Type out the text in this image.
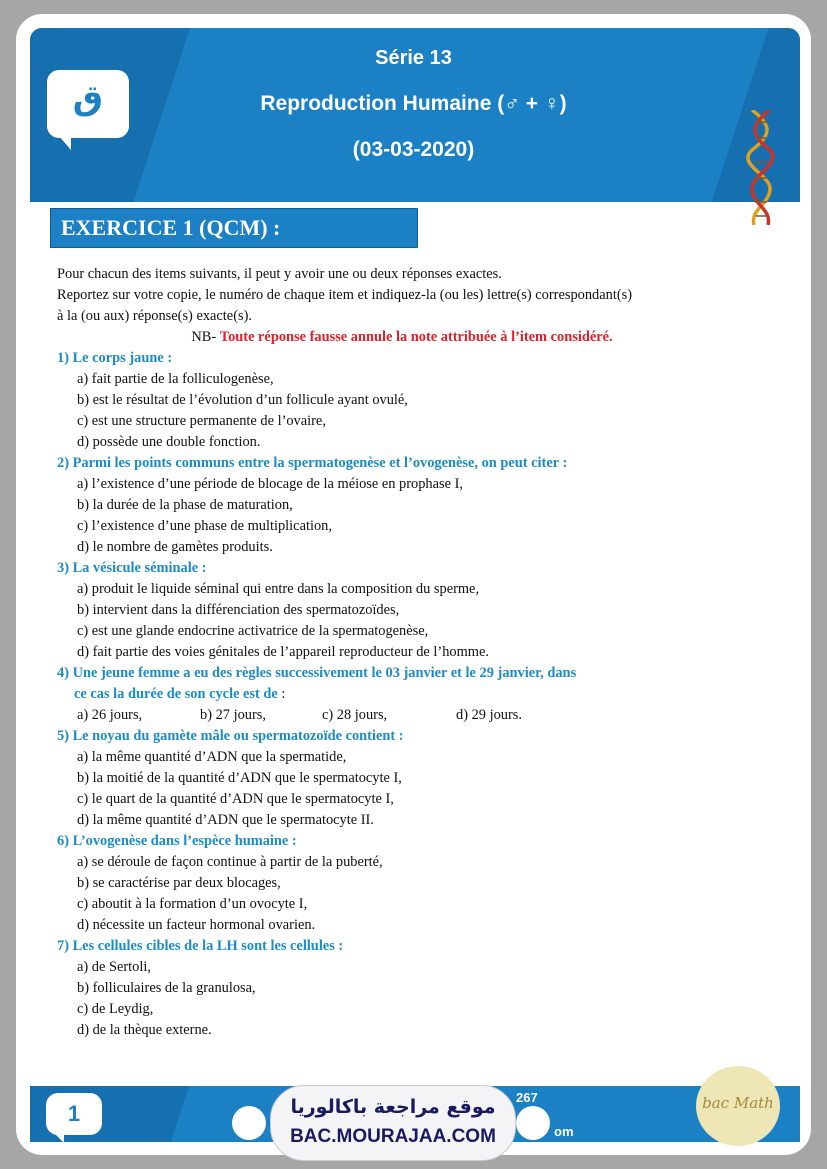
ق
Série 13
Reproduction Humaine (♂ + ♀)
(03-03-2020)
EXERCICE 1 (QCM) :

Pour chacun des items suivants, il peut y avoir une ou deux réponses exactes.

Reportez sur votre copie, le numéro de chaque item et indiquez-la (ou les) lettre(s) correspondant(s)

à la (ou aux) réponse(s) exacte(s).

NB- Toute réponse fausse annule la note attribuée à l’item considéré.

1) Le corps jaune :

a) fait partie de la folliculogenèse,

b) est le résultat de l’évolution d’un follicule ayant ovulé,

c) est une structure permanente de l’ovaire,

d) possède une double fonction.

2) Parmi les points communs entre la spermatogenèse et l’ovogenèse, on peut citer :

a) l’existence d’une période de blocage de la méiose en prophase I,

b) la durée de la phase de maturation,

c) l’existence d’une phase de multiplication,

d) le nombre de gamètes produits.

3) La vésicule séminale :

a) produit le liquide séminal qui entre dans la composition du sperme,

b) intervient dans la différenciation des spermatozoïdes,

c) est une glande endocrine activatrice de la spermatogenèse,

d) fait partie des voies génitales de l’appareil reproducteur de l’homme.

4) Une jeune femme a eu des règles successivement le 03 janvier et le 29 janvier, dans

ce cas la durée de son cycle est de :

a) 26 jours,	b) 27 jours,	c) 28 jours,	d) 29 jours.

5) Le noyau du gamète mâle ou spermatozoïde contient :

a) la même quantité d’ADN que la spermatide,

b) la moitié de la quantité d’ADN que le spermatocyte I,

c) le quart de la quantité d’ADN que le spermatocyte I,

d) la même quantité d’ADN que le spermatocyte II.

6) L’ovogenèse dans l’espèce humaine :

a) se déroule de façon continue à partir de la puberté,

b) se caractérise par deux blocages,

c) aboutit à la formation d’un ovocyte I,

d) nécessite un facteur hormonal ovarien.

7) Les cellules cibles de la LH sont les cellules :

a) de Sertoli,

b) folliculaires de la granulosa,

c) de Leydig,

d) de la thèque externe.

1
267
om
موقع مراجعة باكالوريا
BAC.MOURAJAA.COM
bac Math
